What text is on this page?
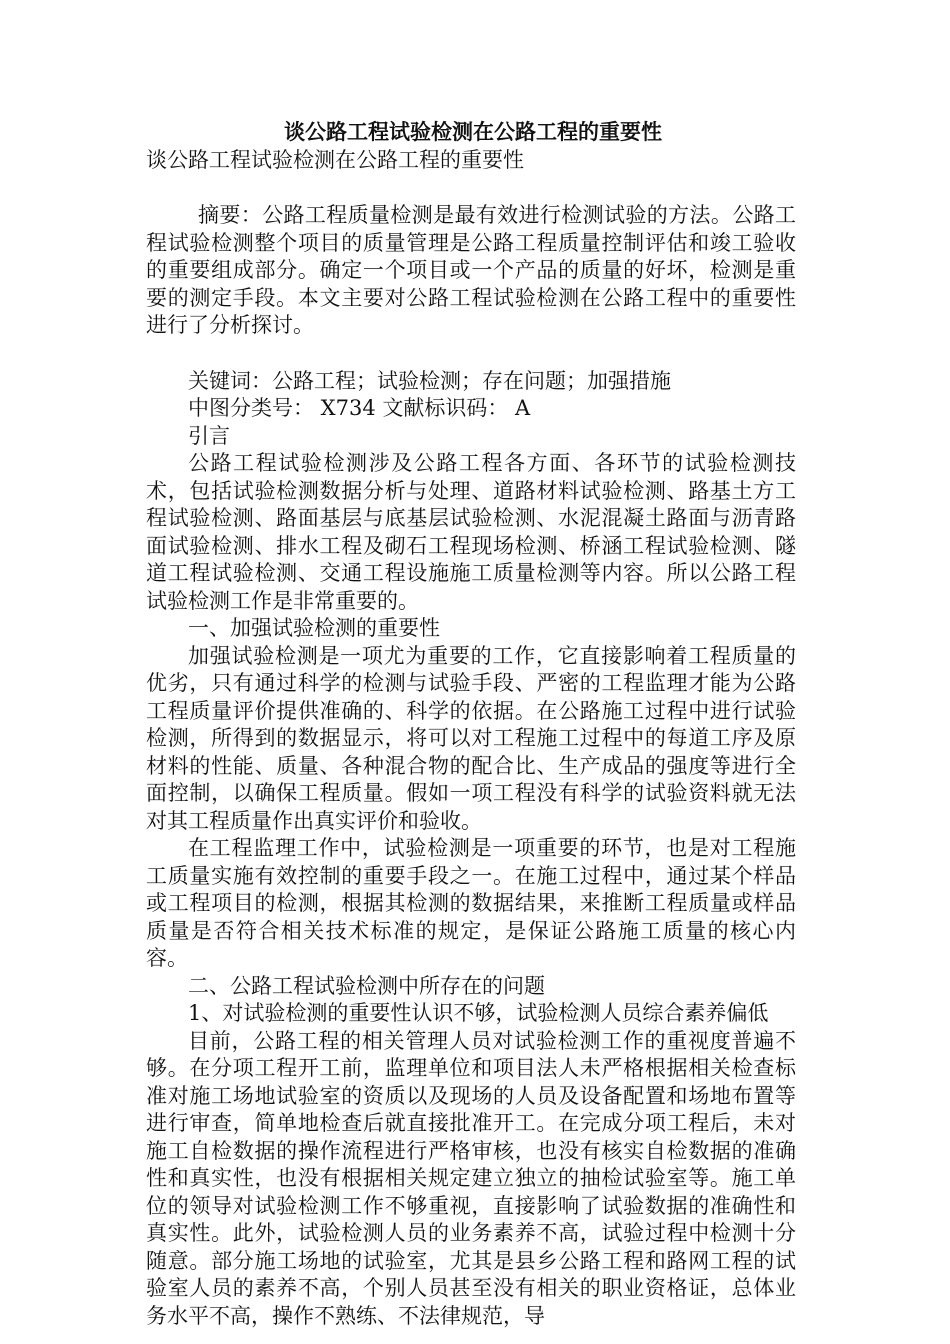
谈公路工程试验检测在公路工程的重要性
谈公路工程试验检测在公路工程的重要性

摘要：公路工程质量检测是最有效进行检测试验的方法。公路工程试验检测整个项目的质量管理是公路工程质量控制评估和竣工验收的重要组成部分。确定一个项目或一个产品的质量的好坏，检测是重要的测定手段。本文主要对公路工程试验检测在公路工程中的重要性进行了分析探讨。

关键词：公路工程；试验检测；存在问题；加强措施

中图分类号： X734 文献标识码： A

引言

公路工程试验检测涉及公路工程各方面、各环节的试验检测技术，包括试验检测数据分析与处理、道路材料试验检测、路基土方工程试验检测、路面基层与底基层试验检测、水泥混凝土路面与沥青路面试验检测、排水工程及砌石工程现场检测、桥涵工程试验检测、隧道工程试验检测、交通工程设施施工质量检测等内容。所以公路工程试验检测工作是非常重要的。

一、加强试验检测的重要性

加强试验检测是一项尤为重要的工作，它直接影响着工程质量的优劣，只有通过科学的检测与试验手段、严密的工程监理才能为公路工程质量评价提供准确的、科学的依据。在公路施工过程中进行试验检测，所得到的数据显示，将可以对工程施工过程中的每道工序及原材料的性能、质量、各种混合物的配合比、生产成品的强度等进行全面控制，以确保工程质量。假如一项工程没有科学的试验资料就无法对其工程质量作出真实评价和验收。

在工程监理工作中，试验检测是一项重要的环节，也是对工程施工质量实施有效控制的重要手段之一。在施工过程中，通过某个样品或工程项目的检测，根据其检测的数据结果，来推断工程质量或样品质量是否符合相关技术标准的规定，是保证公路施工质量的核心内容。

二、公路工程试验检测中所存在的问题

1、对试验检测的重要性认识不够，试验检测人员综合素养偏低

目前，公路工程的相关管理人员对试验检测工作的重视度普遍不够。在分项工程开工前，监理单位和项目法人未严格根据相关检查标准对施工场地试验室的资质以及现场的人员及设备配置和场地布置等进行审查，简单地检查后就直接批准开工。在完成分项工程后，未对施工自检数据的操作流程进行严格审核，也没有核实自检数据的准确性和真实性，也没有根据相关规定建立独立的抽检试验室等。施工单位的领导对试验检测工作不够重视，直接影响了试验数据的准确性和真实性。此外，试验检测人员的业务素养不高，试验过程中检测十分随意。部分施工场地的试验室，尤其是县乡公路工程和路网工程的试验室人员的素养不高，个别人员甚至没有相关的职业资格证，总体业务水平不高，操作不熟练、不法律规范，导
